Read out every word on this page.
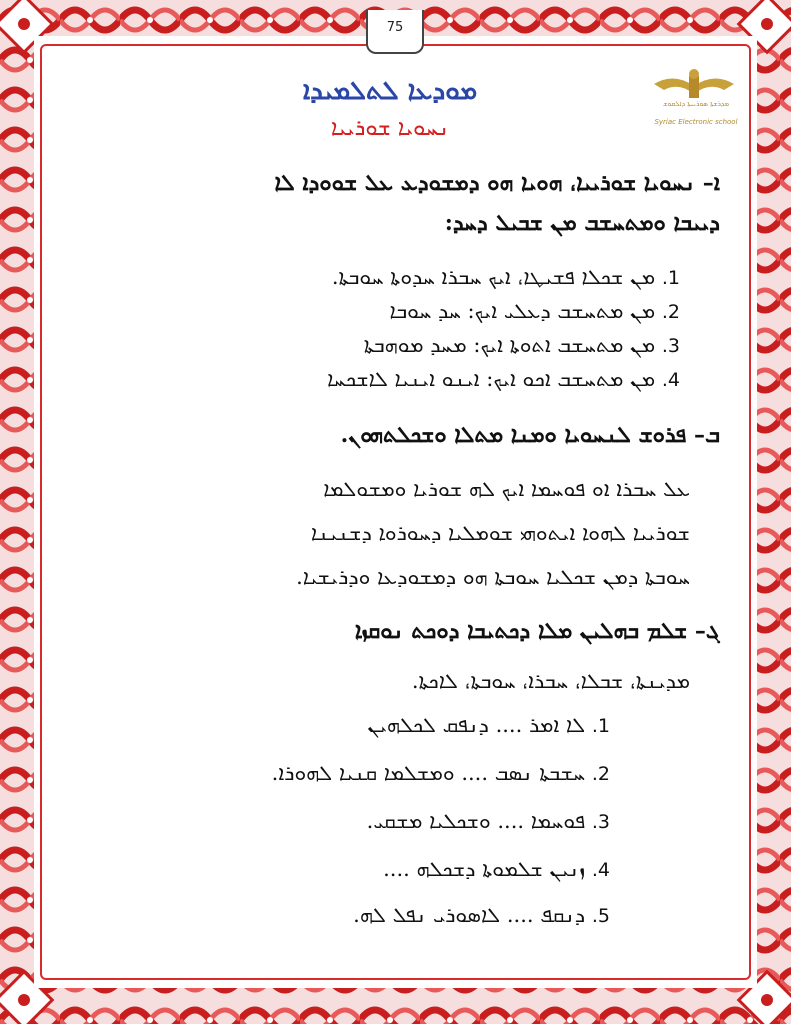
75
ܡܕܪܫܬܐ ܣܘܪܝܝܬܐ ܕܐܠܩܘܫ
Syriac Electronic school
ܡܘܕܥܐ ܠܬܠܡܝܕܐ
ܢܚܘܝܐ ܫܘܪܝܝܐ
ܐ– ܢܚܘܝܐ ܫܘܪܝܝܐ، ܗܘܝܐ ܗܘ ܕܡܫܘܕܥ ܥܠ ܫܘܘܕܐ ܠܐ
ܕܝܝܒܐ ܘܡܬܚܫܒ ܡܢ ܫܒܝܠ ܕܚܕ:
1. ܡܢ ܫܟܠܐ ܦܫܝܛܐ، ܐܝܟ ܚܒܪܐ ܚܕܘܬܐ ܚܘܒܬܐ.
2. ܡܢ ܡܬܚܫܒ ܕܥܠܝ ܐܝܟ: ܚܕ ܚܘܒܐ
3. ܡܢ ܡܬܚܫܒ ܐܬܘܬܐ ܐܝܟ: ܡܚܕ ܡܘܗܒܬܐ
4. ܡܢ ܡܬܚܫܒ ܐܟܘ ܐܝܟ: ܐܝܢܘ ܐܝܢܝܐ ܠܐܫܟܚܐ
ܒ– ܦܪܘܫ ܠܢܚܘܝܐ ܘܡܢܐ ܡܬܠܐ ܘܫܟܠܬܗܘܢ.
ܥܠ ܚܒܪܐ ܐܘ ܦܘܚܡܐ ܐܝܟ ܠܗ ܫܘܪܝܐ ܘܡܫܘܠܡܐ
ܫܘܪܝܝܐ ܠܗܘܐ ܐܝܬܘܗܝ ܫܘܡܠܝܐ ܕܚܘܪܘܐ ܕܫܢܝܢܐ
ܚܘܒܬܐ ܕܡܢ ܫܟܠܝܐ ܚܘܒܬܐ ܗܘ ܕܡܫܘܕܥܐ ܘܕܪܝܫܝܐ.
ܓ– ܫܠܡ ܒܗܠܝܢ ܡܠܐ ܕܟܬܝܒܐ ܕܘܟܬ ܢܘܩܙܐ
ܡܕܝܢܬܐ، ܫܒܠܐ، ܚܒܪܐ، ܚܘܒܬܐ، ܠܐܟܬܐ.
1. ܠܐ ܐܡܪ .... ܕܢܦܩ ܠܟܠܗܝܢ
2. ܚܫܒܬܐ ܢܣܒ .... ܘܡܫܠܡܐ ܩܢܝܐ ܠܗܘܪܐ.
3. ܦܘܚܡܐ .... ܘܫܟܠܝܐ ܡܫܩܝ.
4. ܙܢܝܢ ܫܠܡܘܬܐ ܕܫܟܠܗ ....
5. ܕܢܩܦ .... ܠܐܣܘܪܝ ܢܦܠ ܠܗ.
